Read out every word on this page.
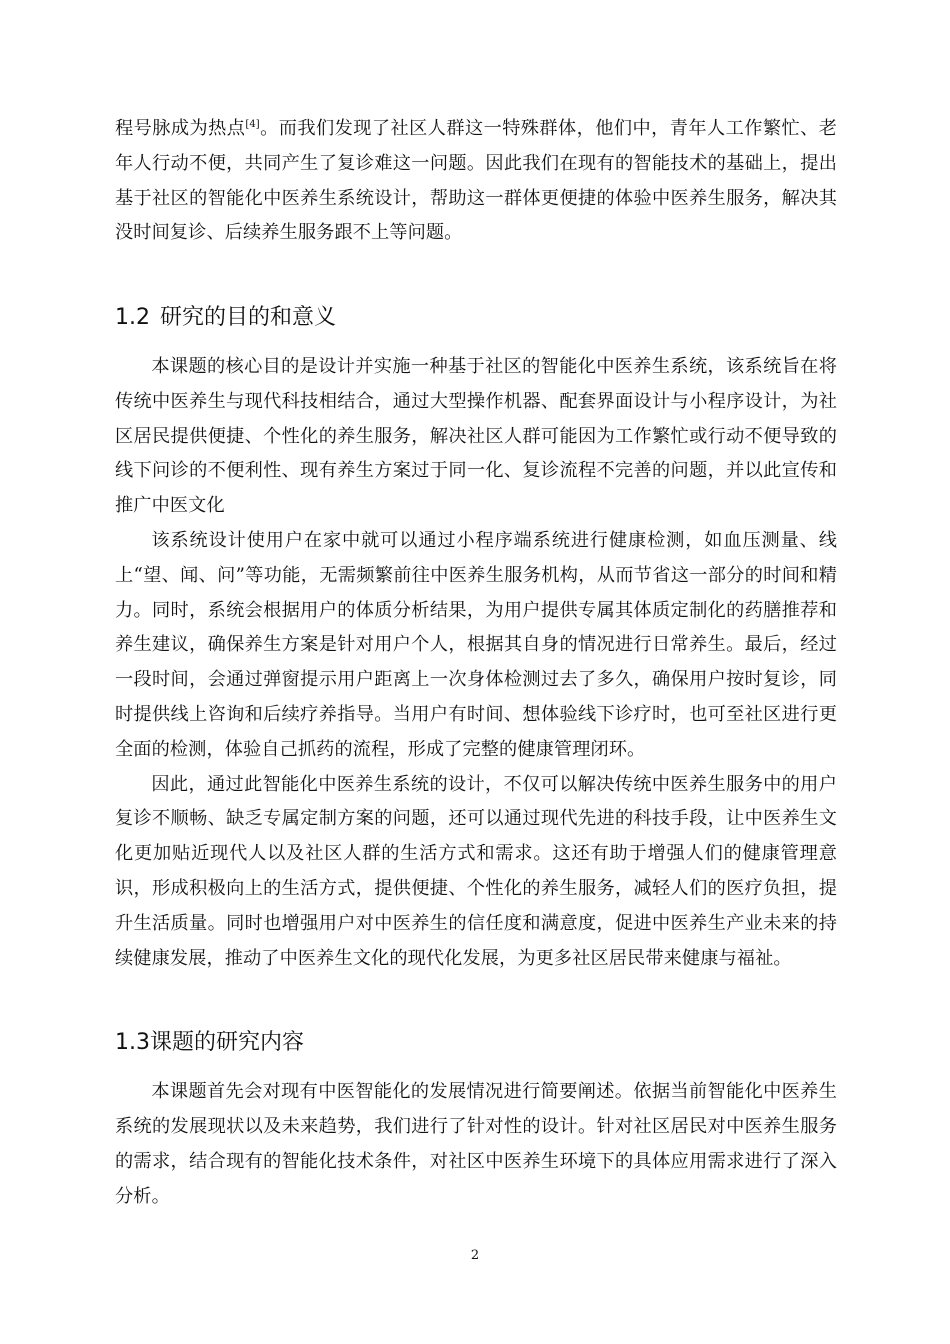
程号脉成为热点[4]。而我们发现了社区人群这一特殊群体，他们中，青年人工作繁忙、老年人行动不便，共同产生了复诊难这一问题。因此我们在现有的智能技术的基础上，提出基于社区的智能化中医养生系统设计，帮助这一群体更便捷的体验中医养生服务，解决其没时间复诊、后续养生服务跟不上等问题。

1.2 研究的目的和意义

本课题的核心目的是设计并实施一种基于社区的智能化中医养生系统，该系统旨在将传统中医养生与现代科技相结合，通过大型操作机器、配套界面设计与小程序设计，为社区居民提供便捷、个性化的养生服务，解决社区人群可能因为工作繁忙或行动不便导致的线下问诊的不便利性、现有养生方案过于同一化、复诊流程不完善的问题，并以此宣传和推广中医文化

该系统设计使用户在家中就可以通过小程序端系统进行健康检测，如血压测量、线上“望、闻、问”等功能，无需频繁前往中医养生服务机构，从而节省这一部分的时间和精力。同时，系统会根据用户的体质分析结果，为用户提供专属其体质定制化的药膳推荐和养生建议，确保养生方案是针对用户个人，根据其自身的情况进行日常养生。最后，经过一段时间，会通过弹窗提示用户距离上一次身体检测过去了多久，确保用户按时复诊，同时提供线上咨询和后续疗养指导。当用户有时间、想体验线下诊疗时，也可至社区进行更全面的检测，体验自己抓药的流程，形成了完整的健康管理闭环。

因此，通过此智能化中医养生系统的设计，不仅可以解决传统中医养生服务中的用户复诊不顺畅、缺乏专属定制方案的问题，还可以通过现代先进的科技手段，让中医养生文化更加贴近现代人以及社区人群的生活方式和需求。这还有助于增强人们的健康管理意识，形成积极向上的生活方式，提供便捷、个性化的养生服务，减轻人们的医疗负担，提升生活质量。同时也增强用户对中医养生的信任度和满意度，促进中医养生产业未来的持续健康发展，推动了中医养生文化的现代化发展，为更多社区居民带来健康与福祉。

1.3课题的研究内容

本课题首先会对现有中医智能化的发展情况进行简要阐述。依据当前智能化中医养生系统的发展现状以及未来趋势，我们进行了针对性的设计。针对社区居民对中医养生服务的需求，结合现有的智能化技术条件，对社区中医养生环境下的具体应用需求进行了深入分析。

2
